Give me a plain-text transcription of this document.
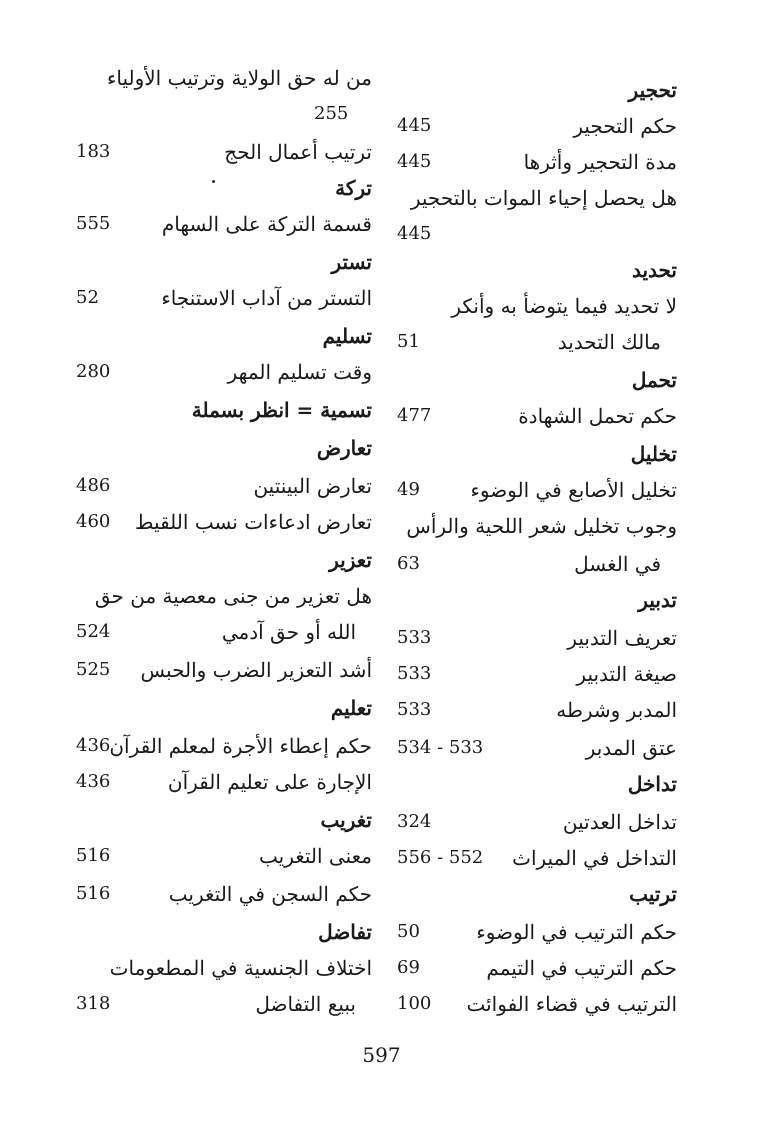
تحجير
حكم التحجير
445
مدة التحجير وأثرها
445
هل يحصل إحياء الموات بالتحجير
445
تحديد
لا تحديد فيما يتوضأ به وأنكر
مالك التحديد
51
تحمل
حكم تحمل الشهادة
477
تخليل
تخليل الأصابع في الوضوء
49
وجوب تخليل شعر اللحية والرأس
في الغسل
63
تدبير
تعريف التدبير
533
صيغة التدبير
533
المدبر وشرطه
533
عتق المدبر
534 - 533
تداخل
تداخل العدتين
324
التداخل في الميراث
556 - 552
ترتيب
حكم الترتيب في الوضوء
50
حكم الترتيب في التيمم
69
الترتيب في قضاء الفوائت
100
من له حق الولاية وترتيب الأولياء
255
ترتيب أعمال الحج
183
تركة
قسمة التركة على السهام
555
تستر
التستر من آداب الاستنجاء
52
تسليم
وقت تسليم المهر
280
تسمية = انظر بسملة
تعارض
تعارض البينتين
486
تعارض ادعاءات نسب اللقيط
460
تعزير
هل تعزير من جنى معصية من حق
الله أو حق آدمي
524
أشد التعزير الضرب والحبس
525
تعليم
حكم إعطاء الأجرة لمعلم القرآن
436
الإجارة على تعليم القرآن
436
تغريب
معنى التغريب
516
حكم السجن في التغريب
516
تفاضل
اختلاف الجنسية في المطعومات
ببيع التفاضل
318
597
